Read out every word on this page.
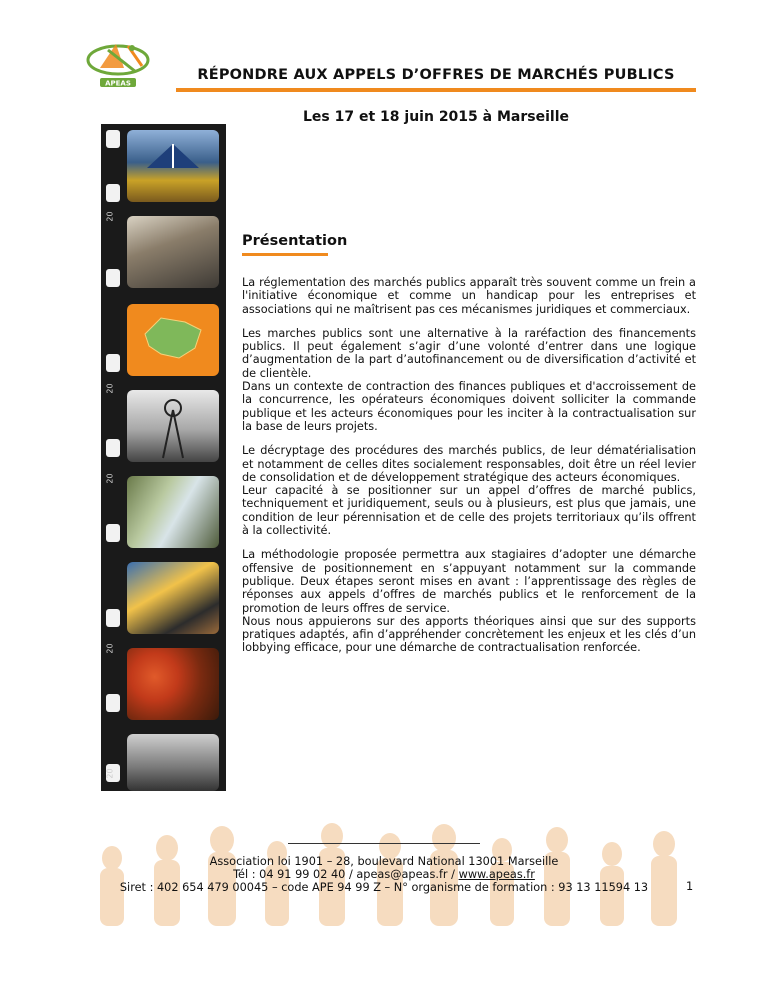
APEAS
RÉPONDRE AUX APPELS D’OFFRES DE MARCHÉS PUBLICS
Les 17 et 18 juin 2015 à Marseille
20
20
20
20
20
Présentation

La réglementation des marchés publics apparaît très souvent comme un frein a l'initiative économique et comme un handicap pour les entreprises et associations qui ne maîtrisent pas ces mécanismes juridiques et commerciaux.

Les marches publics sont une alternative à la raréfaction des financements publics. Il peut également s’agir d’une volonté d’entrer dans une logique d’augmentation de la part d’autofinancement ou de diversification d’activité et de clientèle.

Dans un contexte de contraction des finances publiques et d'accroissement de la concurrence, les opérateurs économiques doivent solliciter la commande publique et les acteurs économiques pour les inciter à la contractualisation sur la base de leurs projets.

Le décryptage des procédures des marchés publics, de leur dématérialisation et notamment de celles dites socialement responsables, doit être un réel levier de consolidation et de développement stratégique des acteurs économiques.

Leur capacité à se positionner sur un appel d’offres de marché publics, techniquement et juridiquement, seuls ou à plusieurs, est plus que jamais, une condition de leur pérennisation et de celle des projets territoriaux qu’ils offrent à la collectivité.

La méthodologie proposée permettra aux stagiaires d’adopter une démarche offensive de positionnement en s’appuyant notamment sur la commande publique. Deux étapes seront mises en avant : l’apprentissage des règles de réponses aux appels d’offres de marchés publics et le renforcement de la promotion de leurs offres de service.

Nous nous appuierons sur des apports théoriques ainsi que sur des supports pratiques adaptés, afin d’appréhender concrètement les enjeux et les clés d’un lobbying efficace, pour une démarche de contractualisation renforcée.

Association loi 1901 – 28, boulevard National 13001 Marseille
Tél : 04 91 99 02 40 / apeas@apeas.fr / www.apeas.fr
Siret : 402 654 479 00045 – code APE 94 99 Z – N° organisme de formation : 93 13 11594 13	1
